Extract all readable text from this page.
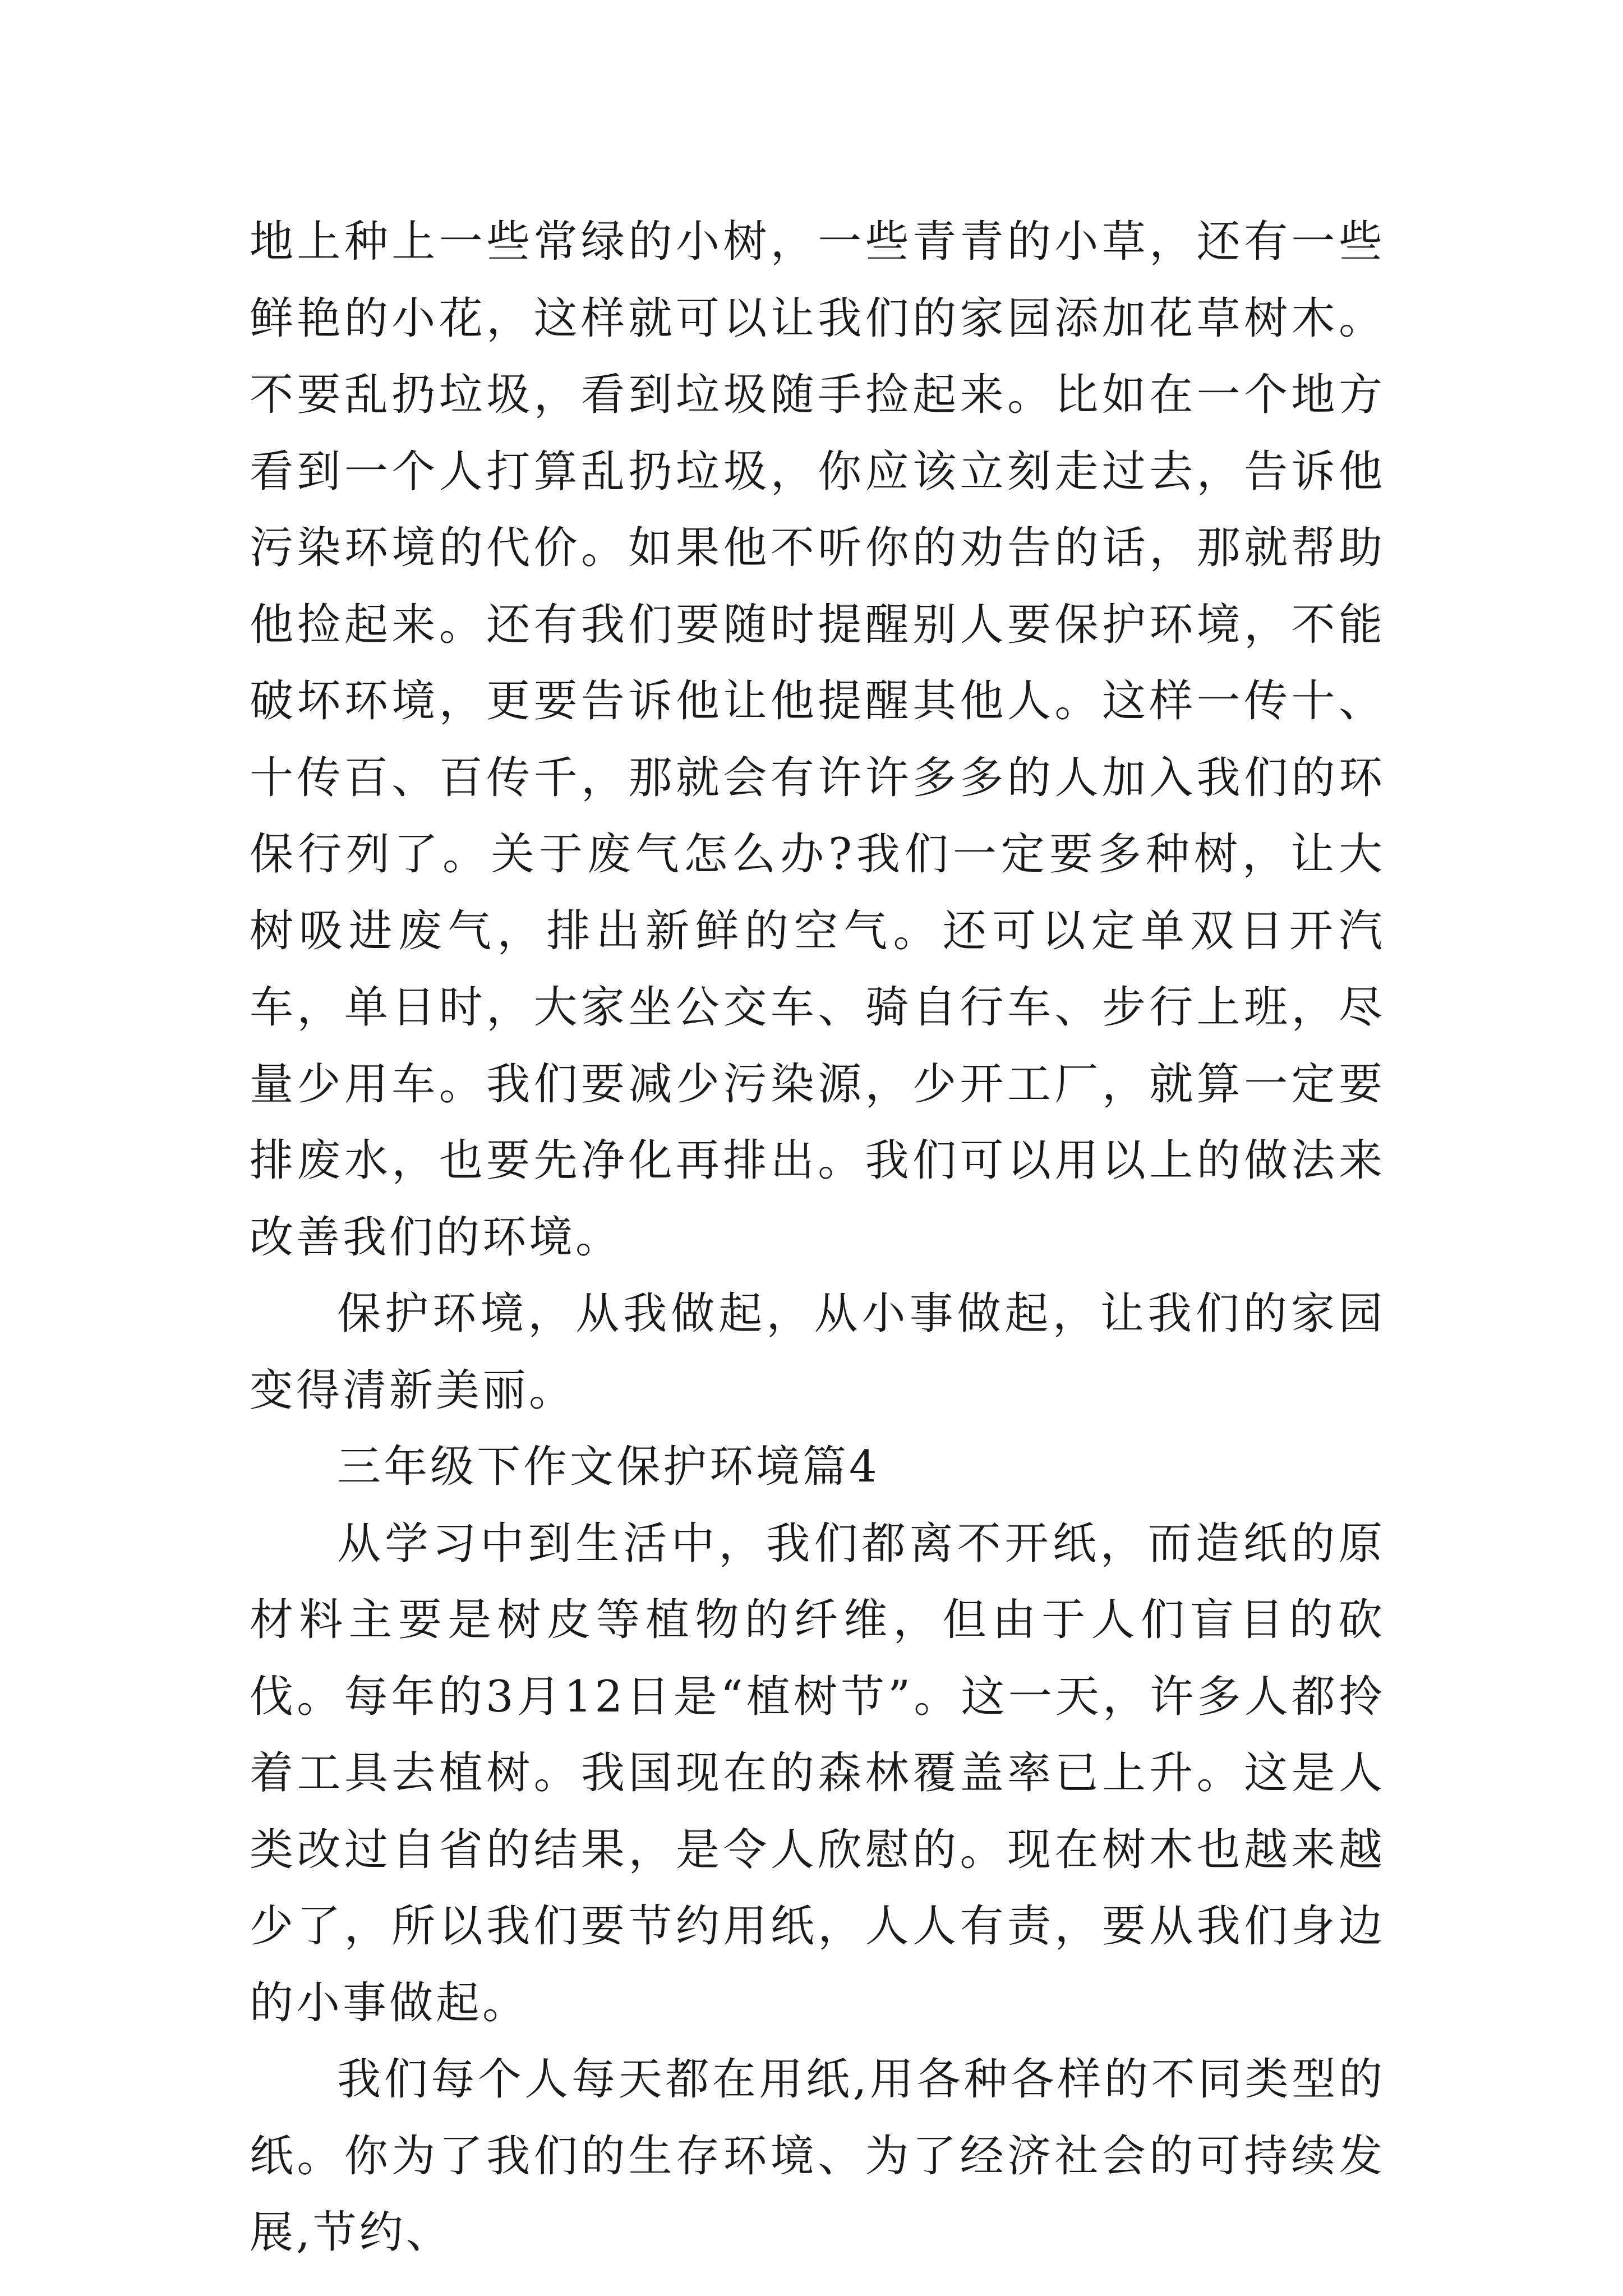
地上种上一些常绿的小树，一些青青的小草，还有一些鲜艳的小花，这样就可以让我们的家园添加花草树木。不要乱扔垃圾，看到垃圾随手捡起来。比如在一个地方看到一个人打算乱扔垃圾，你应该立刻走过去，告诉他污染环境的代价。如果他不听你的劝告的话，那就帮助他捡起来。还有我们要随时提醒别人要保护环境，不能破坏环境，更要告诉他让他提醒其他人。这样一传十、十传百、百传千，那就会有许许多多的人加入我们的环保行列了。关于废气怎么办?我们一定要多种树，让大树吸进废气，排出新鲜的空气。还可以定单双日开汽车，单日时，大家坐公交车、骑自行车、步行上班，尽量少用车。我们要减少污染源，少开工厂，就算一定要排废水，也要先净化再排出。我们可以用以上的做法来改善我们的环境。

保护环境，从我做起，从小事做起，让我们的家园变得清新美丽。

三年级下作文保护环境篇4

从学习中到生活中，我们都离不开纸，而造纸的原材料主要是树皮等植物的纤维，但由于人们盲目的砍伐。每年的3月12日是“植树节”。这一天，许多人都拎着工具去植树。我国现在的森林覆盖率已上升。这是人类改过自省的结果，是令人欣慰的。现在树木也越来越少了，所以我们要节约用纸，人人有责，要从我们身边的小事做起。

我们每个人每天都在用纸,用各种各样的不同类型的纸。你为了我们的生存环境、为了经济社会的可持续发展,节约、
